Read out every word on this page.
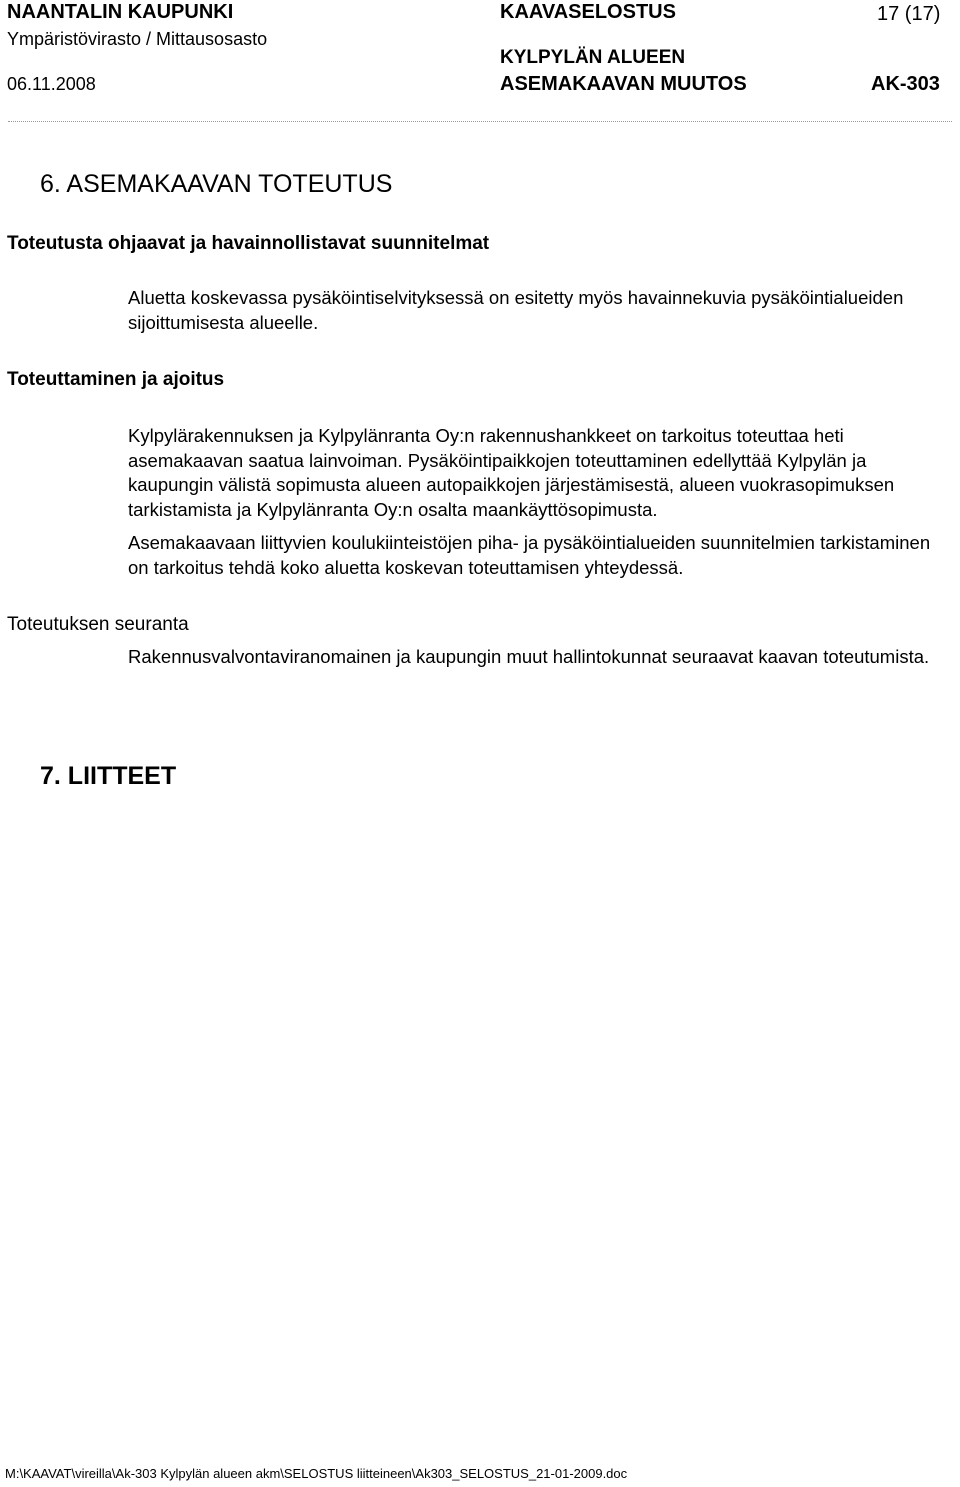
NAANTALIN KAUPUNKI	KAAVASELOSTUS	17 (17)
Ympäristövirasto / Mittausosasto
KYLPYLÄN ALUEEN
06.11.2008	ASEMAKAAVAN MUUTOS	AK-303
6. ASEMAKAAVAN TOTEUTUS
Toteutusta ohjaavat ja havainnollistavat suunnitelmat
Aluetta koskevassa pysäköintiselvityksessä on esitetty myös havainnekuvia pysäköintialueiden sijoittumisesta alueelle.
Toteuttaminen ja ajoitus
Kylpylärakennuksen ja Kylpylänranta Oy:n rakennushankkeet on tarkoitus toteuttaa heti asemakaavan saatua lainvoiman. Pysäköintipaikkojen toteuttaminen edellyttää Kylpylän ja kaupungin välistä sopimusta alueen autopaikkojen järjestämisestä, alueen vuokrasopimuksen tarkistamista ja Kylpylänranta Oy:n osalta maankäyttösopimusta.
Asemakaavaan liittyvien koulukiinteistöjen piha- ja pysäköintialueiden suunnitelmien tarkistaminen on tarkoitus tehdä koko aluetta koskevan toteuttamisen yhteydessä.
Toteutuksen seuranta
Rakennusvalvontaviranomainen ja kaupungin muut hallintokunnat seuraavat kaavan toteutumista.
7. LIITTEET
M:\KAAVAT\vireilla\Ak-303 Kylpylän alueen akm\SELOSTUS liitteineen\Ak303_SELOSTUS_21-01-2009.doc
